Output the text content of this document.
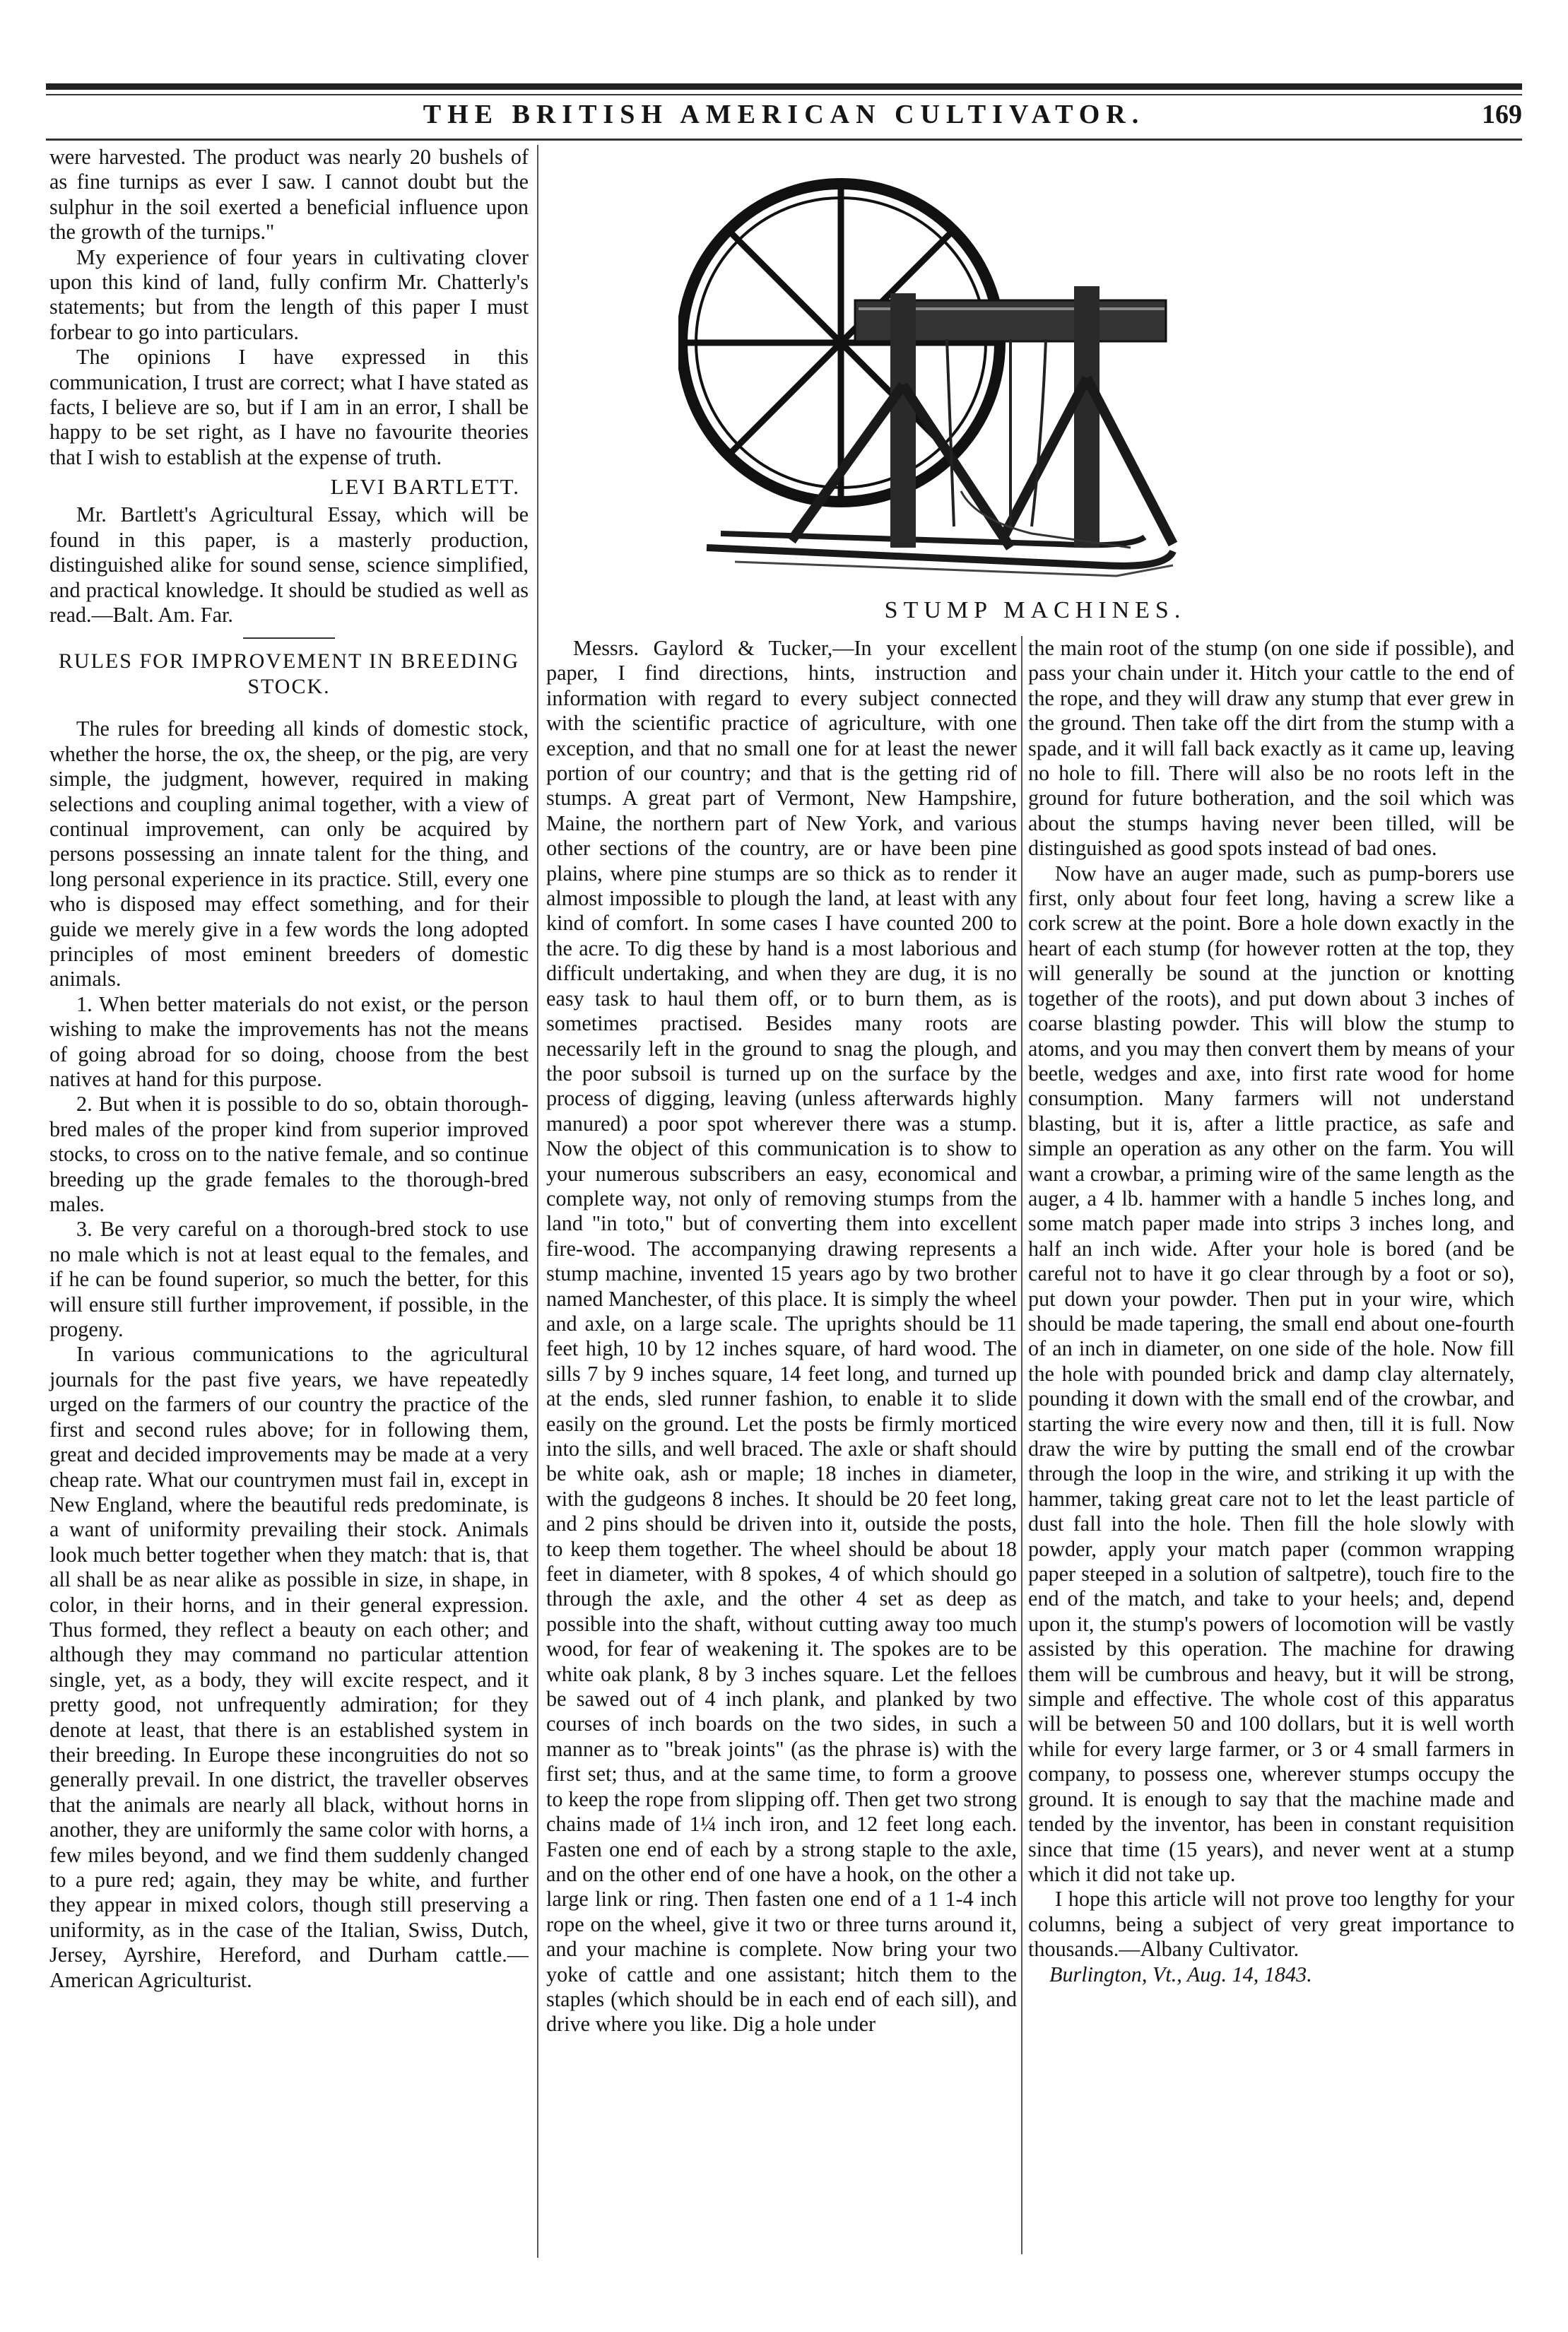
THE BRITISH AMERICAN CULTIVATOR.	169

were harvested. The product was nearly 20 bushels of as fine turnips as ever I saw. I cannot doubt but the sulphur in the soil exerted a beneficial influence upon the growth of the turnips."

My experience of four years in cultivating clover upon this kind of land, fully confirm Mr. Chatterly's statements; but from the length of this paper I must forbear to go into particulars.

The opinions I have expressed in this communication, I trust are correct; what I have stated as facts, I believe are so, but if I am in an error, I shall be happy to be set right, as I have no favourite theories that I wish to establish at the expense of truth.

LEVI BARTLETT.

Mr. Bartlett's Agricultural Essay, which will be found in this paper, is a masterly production, distinguished alike for sound sense, science simplified, and practical knowledge. It should be studied as well as read.—Balt. Am. Far.

RULES FOR IMPROVEMENT IN BREEDING STOCK.

The rules for breeding all kinds of domestic stock, whether the horse, the ox, the sheep, or the pig, are very simple, the judgment, however, required in making selections and coupling animal together, with a view of continual improvement, can only be acquired by persons possessing an innate talent for the thing, and long personal experience in its practice. Still, every one who is disposed may effect something, and for their guide we merely give in a few words the long adopted principles of most eminent breeders of domestic animals.

1. When better materials do not exist, or the person wishing to make the improvements has not the means of going abroad for so doing, choose from the best natives at hand for this purpose.

2. But when it is possible to do so, obtain thorough-bred males of the proper kind from superior improved stocks, to cross on to the native female, and so continue breeding up the grade females to the thorough-bred males.

3. Be very careful on a thorough-bred stock to use no male which is not at least equal to the females, and if he can be found superior, so much the better, for this will ensure still further improvement, if possible, in the progeny.

In various communications to the agricultural journals for the past five years, we have repeatedly urged on the farmers of our country the practice of the first and second rules above; for in following them, great and decided improvements may be made at a very cheap rate. What our countrymen must fail in, except in New England, where the beautiful reds predominate, is a want of uniformity prevailing their stock. Animals look much better together when they match: that is, that all shall be as near alike as possible in size, in shape, in color, in their horns, and in their general expression. Thus formed, they reflect a beauty on each other; and although they may command no particular attention single, yet, as a body, they will excite respect, and it pretty good, not unfrequently admiration; for they denote at least, that there is an established system in their breeding. In Europe these incongruities do not so generally prevail. In one district, the traveller observes that the animals are nearly all black, without horns in another, they are uniformly the same color with horns, a few miles beyond, and we find them suddenly changed to a pure red; again, they may be white, and further they appear in mixed colors, though still preserving a uniformity, as in the case of the Italian, Swiss, Dutch, Jersey, Ayrshire, Hereford, and Durham cattle.—American Agriculturist.

STUMP MACHINES.

Messrs. Gaylord & Tucker,—In your excellent paper, I find directions, hints, instruction and information with regard to every subject connected with the scientific practice of agriculture, with one exception, and that no small one for at least the newer portion of our country; and that is the getting rid of stumps. A great part of Vermont, New Hampshire, Maine, the northern part of New York, and various other sections of the country, are or have been pine plains, where pine stumps are so thick as to render it almost impossible to plough the land, at least with any kind of comfort. In some cases I have counted 200 to the acre. To dig these by hand is a most laborious and difficult undertaking, and when they are dug, it is no easy task to haul them off, or to burn them, as is sometimes practised. Besides many roots are necessarily left in the ground to snag the plough, and the poor subsoil is turned up on the surface by the process of digging, leaving (unless afterwards highly manured) a poor spot wherever there was a stump. Now the object of this communication is to show to your numerous subscribers an easy, economical and complete way, not only of removing stumps from the land "in toto," but of converting them into excellent fire-wood. The accompanying drawing represents a stump machine, invented 15 years ago by two brother named Manchester, of this place. It is simply the wheel and axle, on a large scale. The uprights should be 11 feet high, 10 by 12 inches square, of hard wood. The sills 7 by 9 inches square, 14 feet long, and turned up at the ends, sled runner fashion, to enable it to slide easily on the ground. Let the posts be firmly morticed into the sills, and well braced. The axle or shaft should be white oak, ash or maple; 18 inches in diameter, with the gudgeons 8 inches. It should be 20 feet long, and 2 pins should be driven into it, outside the posts, to keep them together. The wheel should be about 18 feet in diameter, with 8 spokes, 4 of which should go through the axle, and the other 4 set as deep as possible into the shaft, without cutting away too much wood, for fear of weakening it. The spokes are to be white oak plank, 8 by 3 inches square. Let the felloes be sawed out of 4 inch plank, and planked by two courses of inch boards on the two sides, in such a manner as to "break joints" (as the phrase is) with the first set; thus, and at the same time, to form a groove to keep the rope from slipping off. Then get two strong chains made of 1¼ inch iron, and 12 feet long each. Fasten one end of each by a strong staple to the axle, and on the other end of one have a hook, on the other a large link or ring. Then fasten one end of a 1 1-4 inch rope on the wheel, give it two or three turns around it, and your machine is complete. Now bring your two yoke of cattle and one assistant; hitch them to the staples (which should be in each end of each sill), and drive where you like. Dig a hole under

the main root of the stump (on one side if possible), and pass your chain under it. Hitch your cattle to the end of the rope, and they will draw any stump that ever grew in the ground. Then take off the dirt from the stump with a spade, and it will fall back exactly as it came up, leaving no hole to fill. There will also be no roots left in the ground for future botheration, and the soil which was about the stumps having never been tilled, will be distinguished as good spots instead of bad ones.

Now have an auger made, such as pump-borers use first, only about four feet long, having a screw like a cork screw at the point. Bore a hole down exactly in the heart of each stump (for however rotten at the top, they will generally be sound at the junction or knotting together of the roots), and put down about 3 inches of coarse blasting powder. This will blow the stump to atoms, and you may then convert them by means of your beetle, wedges and axe, into first rate wood for home consumption. Many farmers will not understand blasting, but it is, after a little practice, as safe and simple an operation as any other on the farm. You will want a crowbar, a priming wire of the same length as the auger, a 4 lb. hammer with a handle 5 inches long, and some match paper made into strips 3 inches long, and half an inch wide. After your hole is bored (and be careful not to have it go clear through by a foot or so), put down your powder. Then put in your wire, which should be made tapering, the small end about one-fourth of an inch in diameter, on one side of the hole. Now fill the hole with pounded brick and damp clay alternately, pounding it down with the small end of the crowbar, and starting the wire every now and then, till it is full. Now draw the wire by putting the small end of the crowbar through the loop in the wire, and striking it up with the hammer, taking great care not to let the least particle of dust fall into the hole. Then fill the hole slowly with powder, apply your match paper (common wrapping paper steeped in a solution of saltpetre), touch fire to the end of the match, and take to your heels; and, depend upon it, the stump's powers of locomotion will be vastly assisted by this operation. The machine for drawing them will be cumbrous and heavy, but it will be strong, simple and effective. The whole cost of this apparatus will be between 50 and 100 dollars, but it is well worth while for every large farmer, or 3 or 4 small farmers in company, to possess one, wherever stumps occupy the ground. It is enough to say that the machine made and tended by the inventor, has been in constant requisition since that time (15 years), and never went at a stump which it did not take up.

I hope this article will not prove too lengthy for your columns, being a subject of very great importance to thousands.—Albany Cultivator.

Burlington, Vt., Aug. 14, 1843.
